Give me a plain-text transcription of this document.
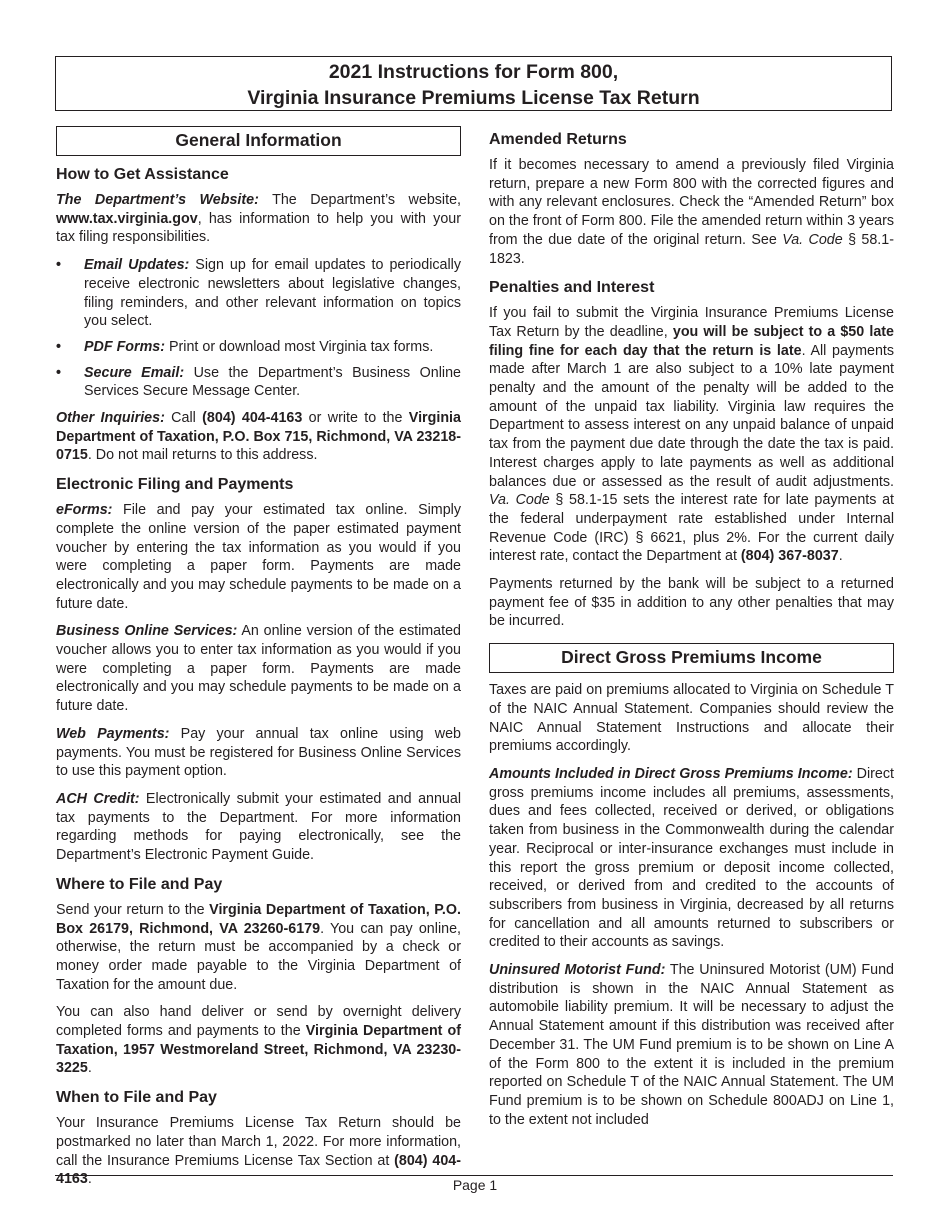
2021 Instructions for Form 800,
Virginia Insurance Premiums License Tax Return
General Information
How to Get Assistance

The Department’s Website: The Department’s website, www.tax.virginia.gov, has information to help you with your tax filing responsibilities.

• Email Updates: Sign up for email updates to periodically receive electronic newsletters about legislative changes, filing reminders, and other relevant information on topics you select.
• PDF Forms: Print or download most Virginia tax forms.
• Secure Email: Use the Department’s Business Online Services Secure Message Center.

Other Inquiries: Call (804) 404-4163 or write to the Virginia Department of Taxation, P.O. Box 715, Richmond, VA 23218-0715. Do not mail returns to this address.

Electronic Filing and Payments

eForms: File and pay your estimated tax online. Simply complete the online version of the paper estimated payment voucher by entering the tax information as you would if you were completing a paper form. Payments are made electronically and you may schedule payments to be made on a future date.

Business Online Services: An online version of the estimated voucher allows you to enter tax information as you would if you were completing a paper form. Payments are made electronically and you may schedule payments to be made on a future date.

Web Payments: Pay your annual tax online using web payments. You must be registered for Business Online Services to use this payment option.

ACH Credit: Electronically submit your estimated and annual tax payments to the Department. For more information regarding methods for paying electronically, see the Department’s Electronic Payment Guide.

Where to File and Pay

Send your return to the Virginia Department of Taxation, P.O. Box 26179, Richmond, VA 23260-6179. You can pay online, otherwise, the return must be accompanied by a check or money order made payable to the Virginia Department of Taxation for the amount due.

You can also hand deliver or send by overnight delivery completed forms and payments to the Virginia Department of Taxation, 1957 Westmoreland Street, Richmond, VA 23230-3225.

When to File and Pay

Your Insurance Premiums License Tax Return should be postmarked no later than March 1, 2022. For more information, call the Insurance Premiums License Tax Section at (804) 404-4163.

Amended Returns

If it becomes necessary to amend a previously filed Virginia return, prepare a new Form 800 with the corrected figures and with any relevant enclosures. Check the “Amended Return” box on the front of Form 800. File the amended return within 3 years from the due date of the original return. See Va. Code § 58.1-1823.

Penalties and Interest

If you fail to submit the Virginia Insurance Premiums License Tax Return by the deadline, you will be subject to a $50 late filing fine for each day that the return is late. All payments made after March 1 are also subject to a 10% late payment penalty and the amount of the penalty will be added to the amount of the unpaid tax liability. Virginia law requires the Department to assess interest on any unpaid balance of unpaid tax from the payment due date through the date the tax is paid. Interest charges apply to late payments as well as additional balances due or assessed as the result of audit adjustments. Va. Code § 58.1-15 sets the interest rate for late payments at the federal underpayment rate established under Internal Revenue Code (IRC) § 6621, plus 2%. For the current daily interest rate, contact the Department at (804) 367-8037.

Payments returned by the bank will be subject to a returned payment fee of $35 in addition to any other penalties that may be incurred.

Direct Gross Premiums Income

Taxes are paid on premiums allocated to Virginia on Schedule T of the NAIC Annual Statement. Companies should review the NAIC Annual Statement Instructions and allocate their premiums accordingly.

Amounts Included in Direct Gross Premiums Income: Direct gross premiums income includes all premiums, assessments, dues and fees collected, received or derived, or obligations taken from business in the Commonwealth during the calendar year. Reciprocal or inter-insurance exchanges must include in this report the gross premium or deposit income collected, received, or derived from and credited to the accounts of subscribers from business in Virginia, decreased by all returns for cancellation and all amounts returned to subscribers or credited to their accounts as savings.

Uninsured Motorist Fund: The Uninsured Motorist (UM) Fund distribution is shown in the NAIC Annual Statement as automobile liability premium. It will be necessary to adjust the Annual Statement amount if this distribution was received after December 31. The UM Fund premium is to be shown on Line A of the Form 800 to the extent it is included in the premium reported on Schedule T of the NAIC Annual Statement. The UM Fund premium is to be shown on Schedule 800ADJ on Line 1, to the extent not included

Page 1
